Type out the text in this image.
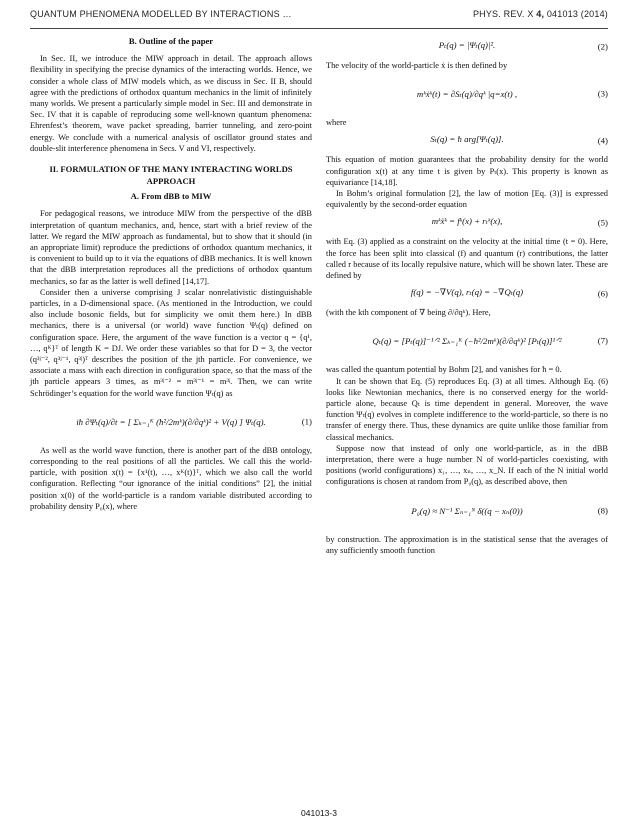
QUANTUM PHENOMENA MODELLED BY INTERACTIONS …	PHYS. REV. X 4, 041013 (2014)
B. Outline of the paper

In Sec. II, we introduce the MIW approach in detail. The approach allows flexibility in specifying the precise dynamics of the interacting worlds. Hence, we consider a whole class of MIW models which, as we discuss in Sec. II B, should agree with the predictions of orthodox quantum mechanics in the limit of infinitely many worlds. We present a particularly simple model in Sec. III and demonstrate in Sec. IV that it is capable of reproducing some well-known quantum phenomena: Ehrenfest’s theorem, wave packet spreading, barrier tunneling, and zero-point energy. We conclude with a numerical analysis of oscillator ground states and double-slit interference phenomena in Secs. V and VI, respectively.

II. FORMULATION OF THE MANY INTERACTING WORLDS APPROACH
A. From dBB to MIW

For pedagogical reasons, we introduce MIW from the perspective of the dBB interpretation of quantum mechanics, and, hence, start with a brief review of the latter. We regard the MIW approach as fundamental, but to show that it should (in an appropriate limit) reproduce the predictions of orthodox quantum mechanics, it is convenient to build up to it via the equations of dBB mechanics. It is well known that the dBB interpretation reproduces all the predictions of orthodox quantum mechanics, so far as the latter is well defined [14,17].

Consider then a universe comprising J scalar nonrelativistic distinguishable particles, in a D-dimensional space. (As mentioned in the Introduction, we could also include bosonic fields, but for simplicity we omit them here.) In dBB mechanics, there is a universal (or world) wave function Ψₜ(q) defined on configuration space. Here, the argument of the wave function is a vector q = {q¹, …, qᴷ}ᵀ of length K = DJ. We order these variables so that for D = 3, the vector (q³ʲ⁻², q³ʲ⁻¹, q³ʲ)ᵀ describes the position of the jth particle. For convenience, we associate a mass with each direction in configuration space, so that the mass of the jth particle appears 3 times, as m³ʲ⁻² = m³ʲ⁻¹ = m³ʲ. Then, we can write Schrödinger’s equation for the world wave function Ψₜ(q) as

iħ ∂Ψₜ(q)/∂t = [ Σₖ₌₁ᴷ (ħ²/2mᵏ)(∂/∂qᵏ)² + V(q) ] Ψₜ(q).	(1)

As well as the world wave function, there is another part of the dBB ontology, corresponding to the real positions of all the particles. We call this the world-particle, with position x(t) = {x¹(t), …, xᴷ(t)}ᵀ, which we also call the world configuration. Reflecting “our ignorance of the initial conditions” [2], the initial position x(0) of the world-particle is a random variable distributed according to probability density P₀(x), where

Pₜ(q) = |Ψₜ(q)|².	(2)

The velocity of the world-particle ẋ is then defined by

mᵏẋᵏ(t) = ∂Sₜ(q)/∂qᵏ |q=x(t) ,	(3)

where

Sₜ(q) = ħ arg[Ψₜ(q)].	(4)

This equation of motion guarantees that the probability density for the world configuration x(t) at any time t is given by Pₜ(x). This property is known as equivariance [14,18].

In Bohm’s original formulation [2], the law of motion [Eq. (3)] is expressed equivalently by the second-order equation

mᵏẍᵏ = fᵏ(x) + rₜᵏ(x),	(5)

with Eq. (3) applied as a constraint on the velocity at the initial time (t = 0). Here, the force has been split into classical (f) and quantum (r) contributions, the latter called r because of its locally repulsive nature, which will be shown later. These are defined by

f(q) = −∇V(q), rₜ(q) = −∇Qₜ(q)	(6)

(with the kth component of ∇ being ∂/∂qᵏ). Here,

Qₜ(q) = [Pₜ(q)]⁻¹ᐟ² Σₖ₌₁ᴷ (−ħ²/2mᵏ)(∂/∂qᵏ)² [Pₜ(q)]¹ᐟ²	(7)

was called the quantum potential by Bohm [2], and vanishes for ħ = 0.

It can be shown that Eq. (5) reproduces Eq. (3) at all times. Although Eq. (6) looks like Newtonian mechanics, there is no conserved energy for the world-particle alone, because Qₜ is time dependent in general. Moreover, the wave function Ψₜ(q) evolves in complete indifference to the world-particle, so there is no transfer of energy there. Thus, these dynamics are quite unlike those familiar from classical mechanics.

Suppose now that instead of only one world-particle, as in the dBB interpretation, there were a huge number N of world-particles coexisting, with positions (world configurations) x₁, …, xₙ, …, x_N. If each of the N initial world configurations is chosen at random from P₀(q), as described above, then

P₀(q) ≈ N⁻¹ Σₙ₌₁ᴺ δ((q − xₙ(0))	(8)

by construction. The approximation is in the statistical sense that the averages of any sufficiently smooth function

041013-3
